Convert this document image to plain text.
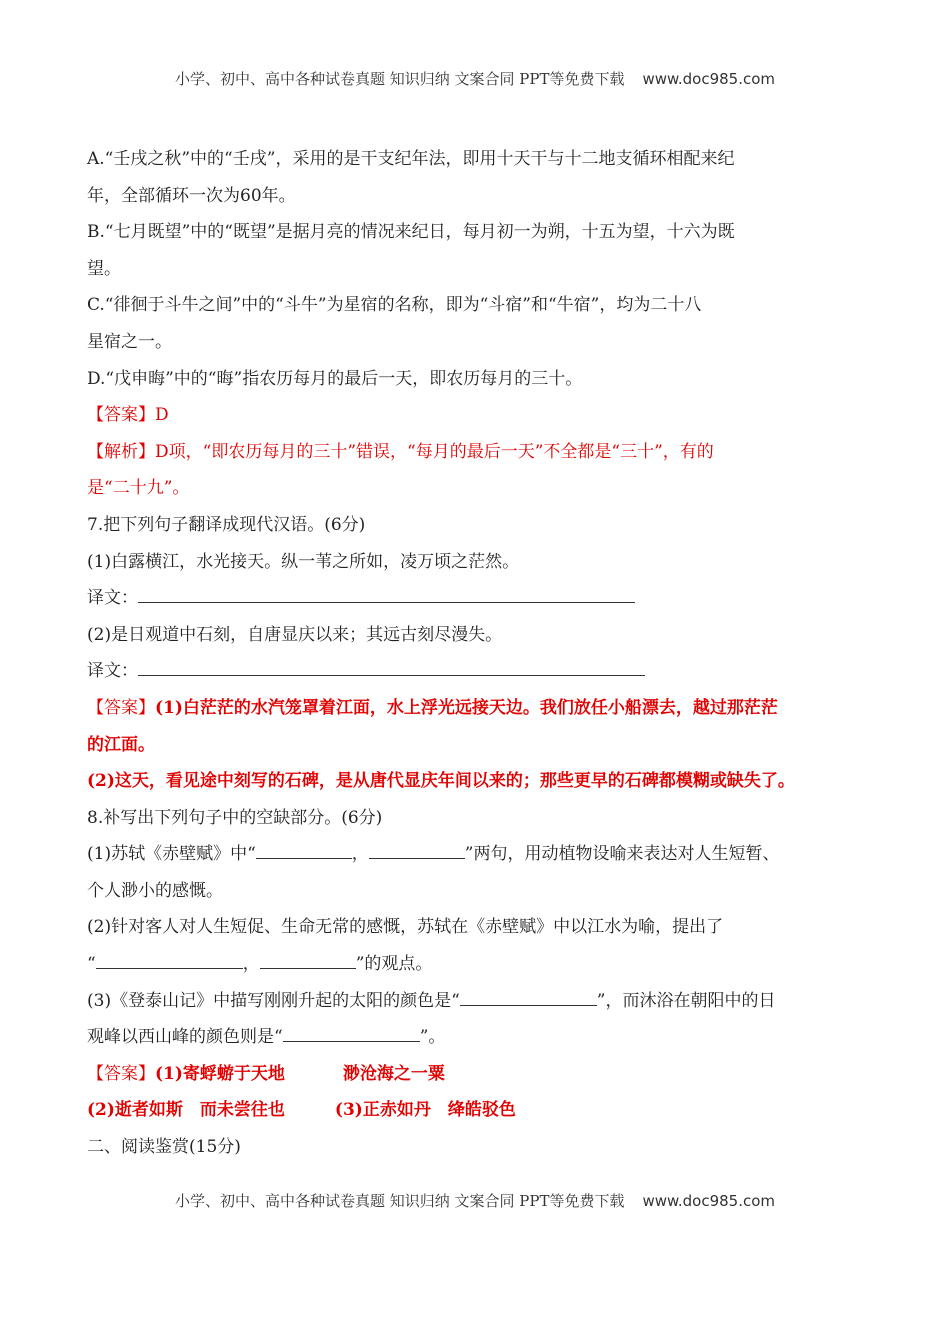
小学、初中、高中各种试卷真题 知识归纳 文案合同 PPT等免费下载 www.doc985.com
A.“壬戌之秋”中的“壬戌”，采用的是干支纪年法，即用十天干与十二地支循环相配来纪
年，全部循环一次为60年。
B.“七月既望”中的“既望”是据月亮的情况来纪日，每月初一为朔，十五为望，十六为既
望。
C.“徘徊于斗牛之间”中的“斗牛”为星宿的名称，即为“斗宿”和“牛宿”，均为二十八
星宿之一。
D.“戊申晦”中的“晦”指农历每月的最后一天，即农历每月的三十。
【答案】D
【解析】D项，“即农历每月的三十”错误，“每月的最后一天”不全都是“三十”，有的
是“二十九”。
7.把下列句子翻译成现代汉语。(6分)
(1)白露横江，水光接天。纵一苇之所如，凌万顷之茫然。
译文：
(2)是日观道中石刻，自唐显庆以来；其远古刻尽漫失。
译文：
【答案】(1)白茫茫的水汽笼罩着江面，水上浮光远接天边。我们放任小船漂去，越过那茫茫
的江面。
(2)这天，看见途中刻写的石碑，是从唐代显庆年间以来的；那些更早的石碑都模糊或缺失了。
8.补写出下列句子中的空缺部分。(6分)
(1)苏轼《赤壁赋》中“	，	”两句，用动植物设喻来表达对人生短暂、
个人渺小的感慨。
(2)针对客人对人生短促、生命无常的感慨，苏轼在《赤壁赋》中以江水为喻，提出了
“	，	”的观点。
(3)《登泰山记》中描写刚刚升起的太阳的颜色是“	”，而沐浴在朝阳中的日
观峰以西山峰的颜色则是“	”。
【答案】(1)寄蜉蝣于天地	渺沧海之一粟
(2)逝者如斯 而未尝往也	(3)正赤如丹 绛皓驳色
二、阅读鉴赏(15分)
小学、初中、高中各种试卷真题 知识归纳 文案合同 PPT等免费下载 www.doc985.com
